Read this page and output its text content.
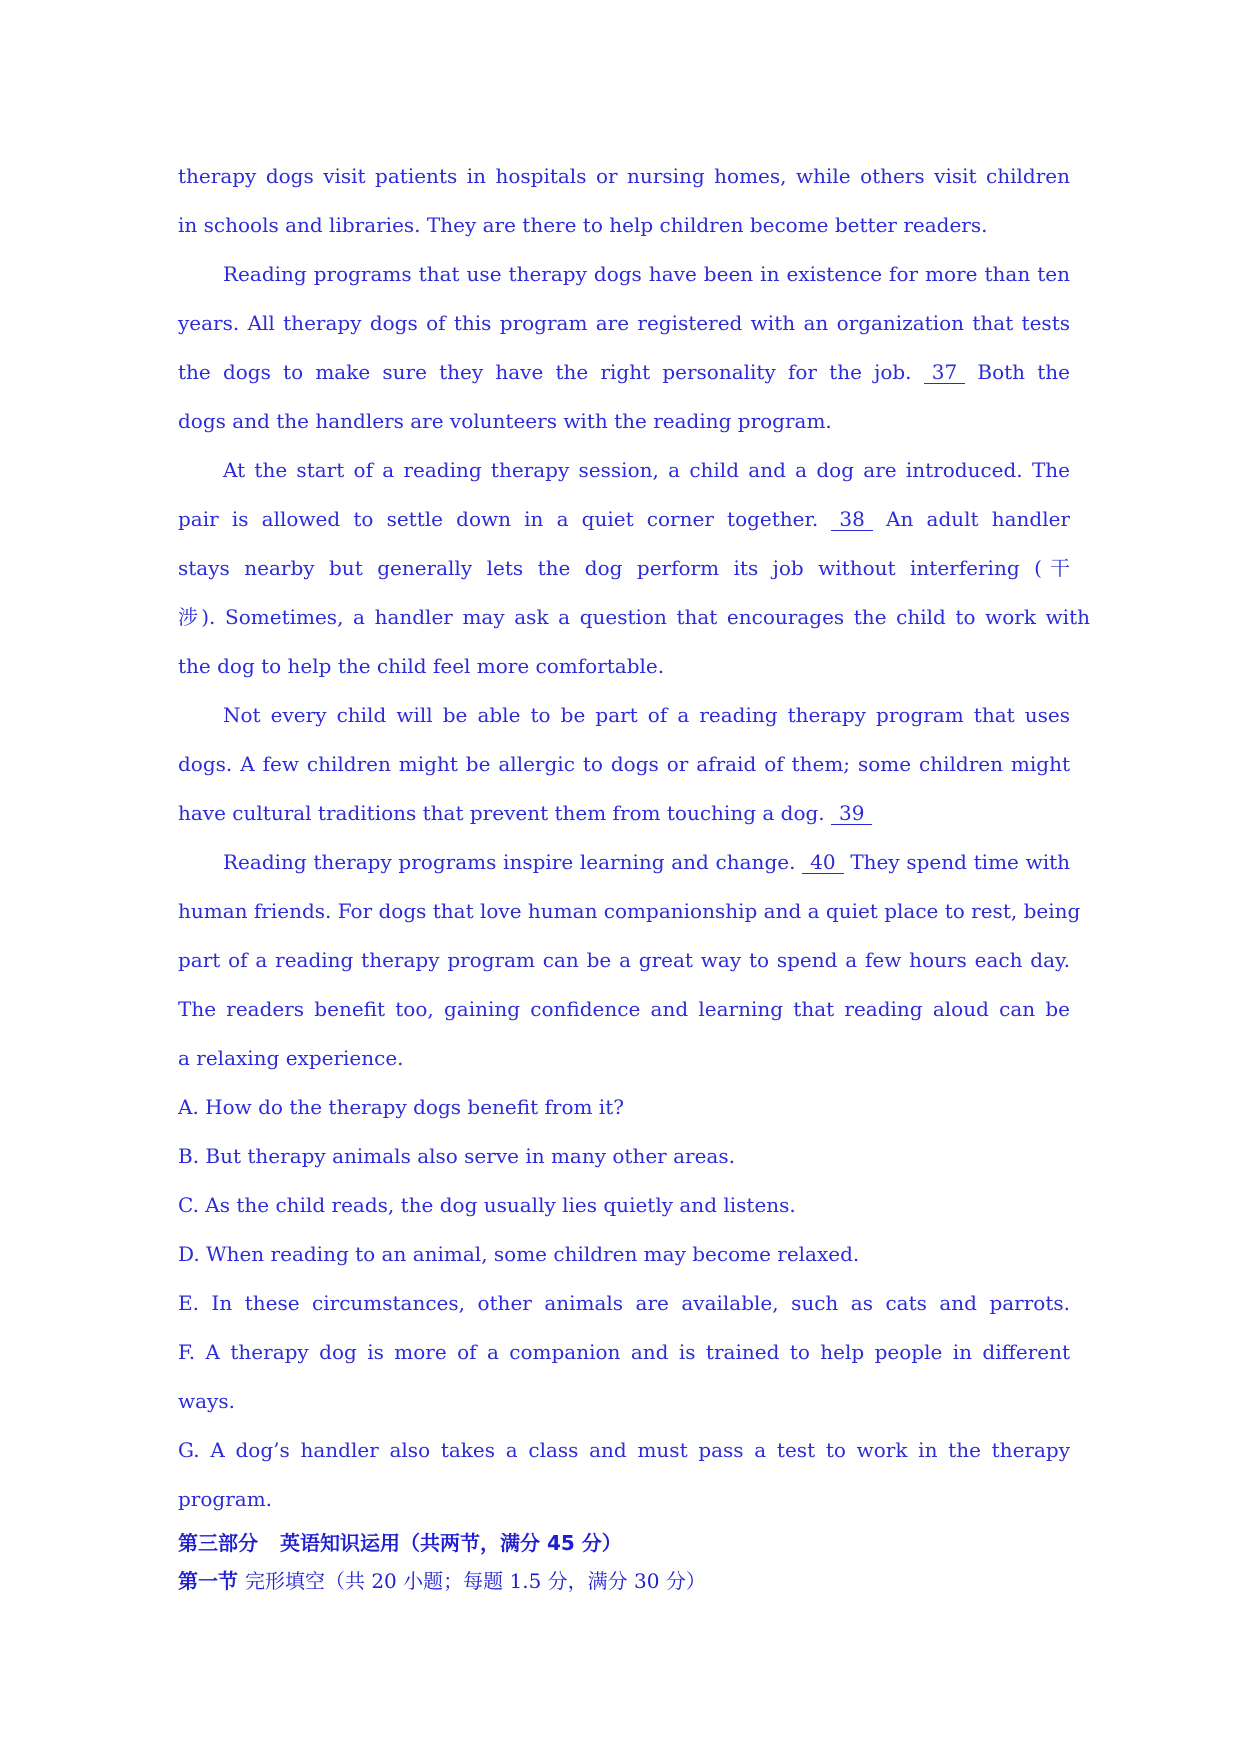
therapy dogs visit patients in hospitals or nursing homes, while others visit children
in schools and libraries. They are there to help children become better readers.
Reading programs that use therapy dogs have been in existence for more than ten
years. All therapy dogs of this program are registered with an organization that tests
the dogs to make sure they have the right personality for the job. 37 Both the
dogs and the handlers are volunteers with the reading program.
At the start of a reading therapy session, a child and a dog are introduced. The
pair is allowed to settle down in a quiet corner together. 38 An adult handler
stays nearby but generally lets the dog perform its job without interfering (干
涉). Sometimes, a handler may ask a question that encourages the child to work with
the dog to help the child feel more comfortable.
Not every child will be able to be part of a reading therapy program that uses
dogs. A few children might be allergic to dogs or afraid of them; some children might
have cultural traditions that prevent them from touching a dog. 39
Reading therapy programs inspire learning and change. 40 They spend time with
human friends. For dogs that love human companionship and a quiet place to rest, being
part of a reading therapy program can be a great way to spend a few hours each day.
The readers benefit too, gaining confidence and learning that reading aloud can be
a relaxing experience.
A. How do the therapy dogs benefit from it?
B. But therapy animals also serve in many other areas.
C. As the child reads, the dog usually lies quietly and listens.
D. When reading to an animal, some children may become relaxed.
E. In these circumstances, other animals are available, such as cats and parrots.
F. A therapy dog is more of a companion and is trained to help people in different
ways.
G. A dog’s handler also takes a class and must pass a test to work in the therapy
program.
第三部分 英语知识运用（共两节，满分 45 分）
第一节 完形填空（共 20 小题；每题 1.5 分，满分 30 分）
